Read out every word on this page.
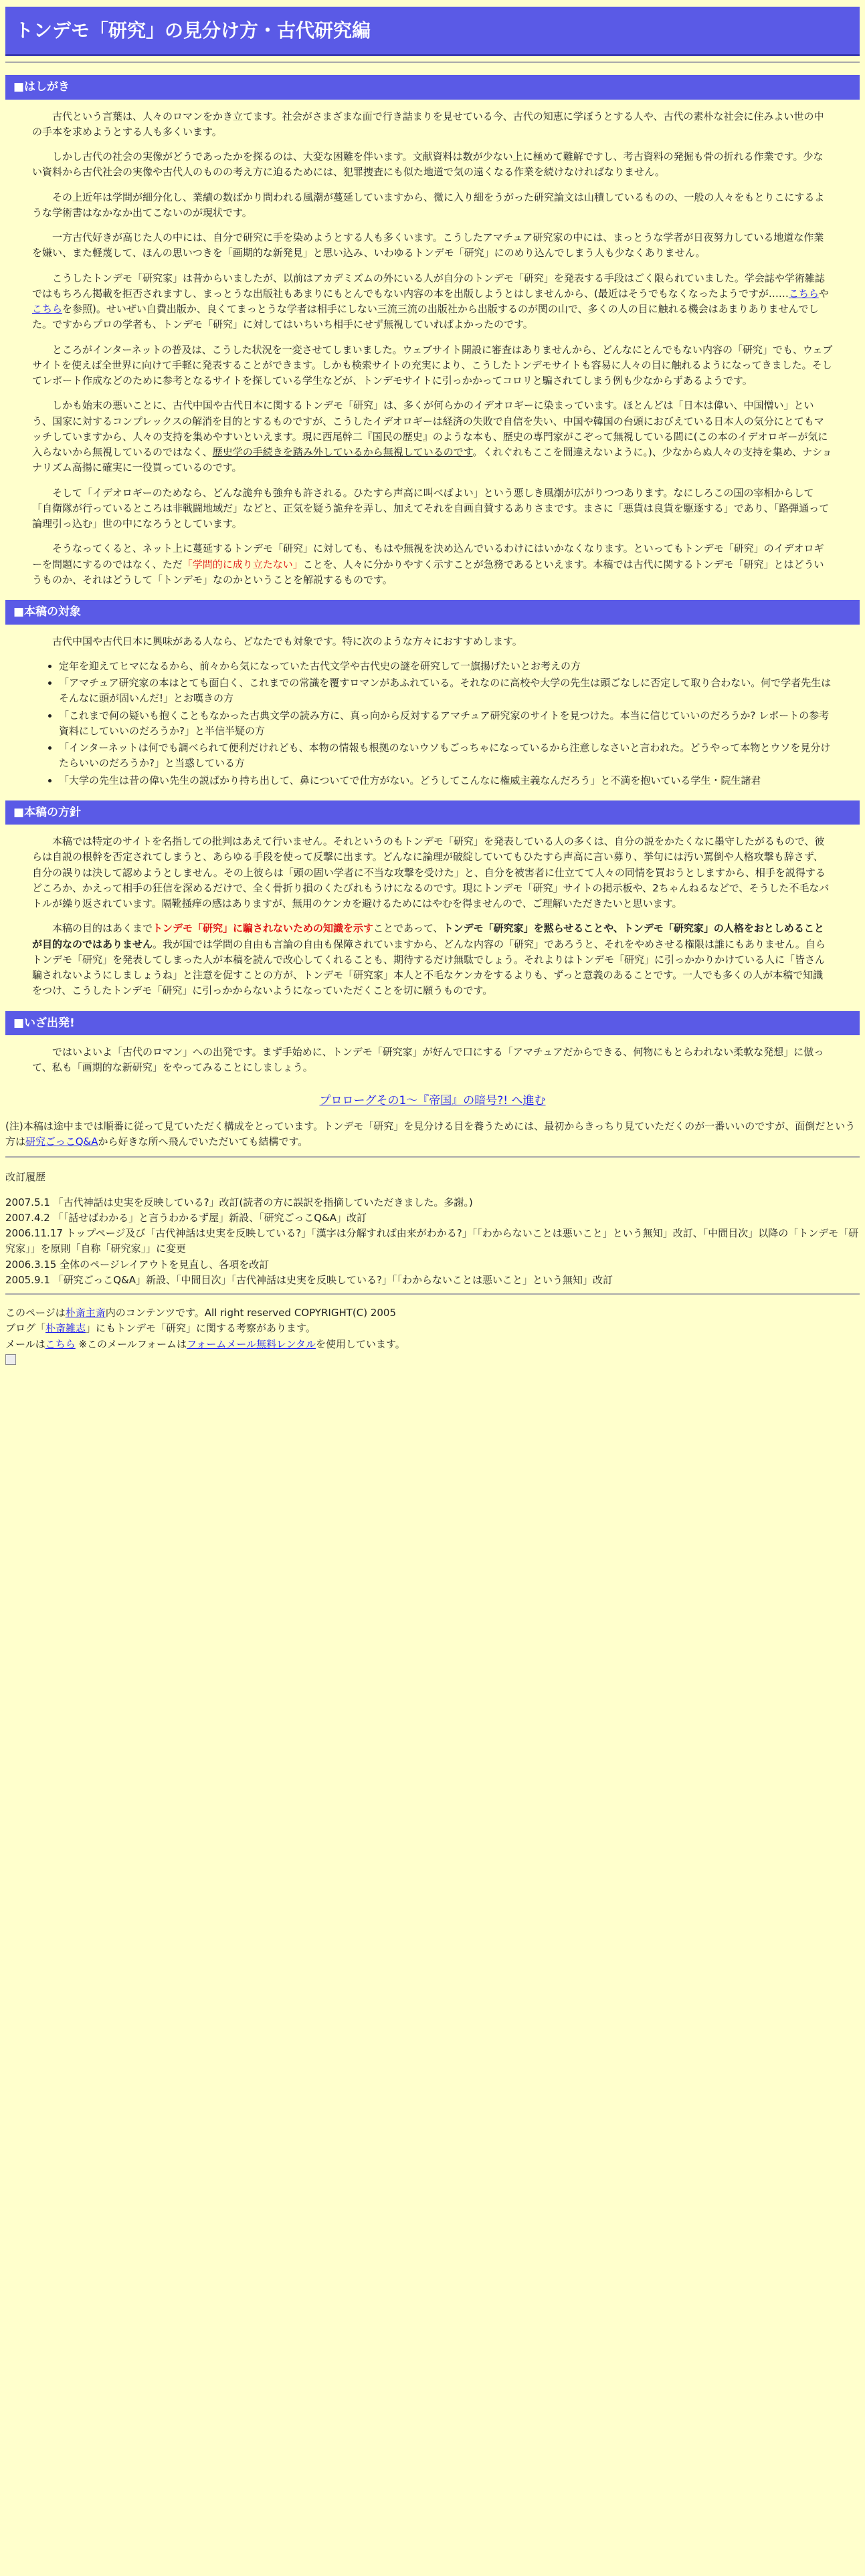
トンデモ「研究」の見分け方・古代研究編
■はしがき

古代という言葉は、人々のロマンをかき立てます。社会がさまざまな面で行き詰まりを見せている今、古代の知恵に学ぼうとする人や、古代の素朴な社会に住みよい世の中の手本を求めようとする人も多くいます。

しかし古代の社会の実像がどうであったかを探るのは、大変な困難を伴います。文献資料は数が少ない上に極めて難解ですし、考古資料の発掘も骨の折れる作業です。少ない資料から古代社会の実像や古代人のものの考え方に迫るためには、犯罪捜査にも似た地道で気の遠くなる作業を続けなければなりません。

その上近年は学問が細分化し、業績の数ばかり問われる風潮が蔓延していますから、微に入り細をうがった研究論文は山積しているものの、一般の人々をもとりこにするような学術書はなかなか出てこないのが現状です。

一方古代好きが高じた人の中には、自分で研究に手を染めようとする人も多くいます。こうしたアマチュア研究家の中には、まっとうな学者が日夜努力している地道な作業を嫌い、また軽蔑して、ほんの思いつきを「画期的な新発見」と思い込み、いわゆるトンデモ「研究」にのめり込んでしまう人も少なくありません。

こうしたトンデモ「研究家」は昔からいましたが、以前はアカデミズムの外にいる人が自分のトンデモ「研究」を発表する手段はごく限られていました。学会誌や学術雑誌ではもちろん掲載を拒否されますし、まっとうな出版社もあまりにもとんでもない内容の本を出版しようとはしませんから、(最近はそうでもなくなったようですが……こちらやこちらを参照)。せいぜい自費出版か、良くてまっとうな学者は相手にしない三流三流の出版社から出版するのが関の山で、多くの人の目に触れる機会はあまりありませんでした。ですからプロの学者も、トンデモ「研究」に対してはいちいち相手にせず無視していればよかったのです。

ところがインターネットの普及は、こうした状況を一変させてしまいました。ウェブサイト開設に審査はありませんから、どんなにとんでもない内容の「研究」でも、ウェブサイトを使えば全世界に向けて手軽に発表することができます。しかも検索サイトの充実により、こうしたトンデモサイトも容易に人々の目に触れるようになってきました。そしてレポート作成などのために参考となるサイトを探している学生などが、トンデモサイトに引っかかってコロリと騙されてしまう例も少なからずあるようです。

しかも始末の悪いことに、古代中国や古代日本に関するトンデモ「研究」は、多くが何らかのイデオロギーに染まっています。ほとんどは「日本は偉い、中国憎い」という、国家に対するコンプレックスの解消を目的とするものですが、こうしたイデオロギーは経済の失敗で自信を失い、中国や韓国の台頭におびえている日本人の気分にとてもマッチしていますから、人々の支持を集めやすいといえます。現に西尾幹二『国民の歴史』のような本も、歴史の専門家がこぞって無視している間に(この本のイデオロギーが気に入らないから無視しているのではなく、歴史学の手続きを踏み外しているから無視しているのです。くれぐれもここを間違えないように。)、少なからぬ人々の支持を集め、ナショナリズム高揚に確実に一役買っているのです。

そして「イデオロギーのためなら、どんな詭弁も強弁も許される。ひたすら声高に叫べばよい」という悪しき風潮が広がりつつあります。なにしろこの国の宰相からして「自衛隊が行っているところは非戦闘地域だ」などと、正気を疑う詭弁を弄し、加えてそれを自画自賛するありさまです。まさに「悪貨は良貨を駆逐する」であり、「路弾通って論理引っ込む」世の中になろうとしています。

そうなってくると、ネット上に蔓延するトンデモ「研究」に対しても、もはや無視を決め込んでいるわけにはいかなくなります。といってもトンデモ「研究」のイデオロギーを問題にするのではなく、ただ「学問的に成り立たない」ことを、人々に分かりやすく示すことが急務であるといえます。本稿では古代に関するトンデモ「研究」とはどういうものか、それはどうして「トンデモ」なのかということを解説するものです。

■本稿の対象

古代中国や古代日本に興味がある人なら、どなたでも対象です。特に次のような方々におすすめします。

• 定年を迎えてヒマになるから、前々から気になっていた古代文学や古代史の謎を研究して一旗揚げたいとお考えの方
• 「アマチュア研究家の本はとても面白く、これまでの常識を覆すロマンがあふれている。それなのに高校や大学の先生は頭ごなしに否定して取り合わない。何で学者先生はそんなに頭が固いんだ!」とお嘆きの方
• 「これまで何の疑いも抱くこともなかった古典文学の読み方に、真っ向から反対するアマチュア研究家のサイトを見つけた。本当に信じていいのだろうか? レポートの参考資料にしていいのだろうか?」と半信半疑の方
• 「インターネットは何でも調べられて便利だけれども、本物の情報も根拠のないウソもごっちゃになっているから注意しなさいと言われた。どうやって本物とウソを見分けたらいいのだろうか?」と当惑している方
• 「大学の先生は昔の偉い先生の説ばかり持ち出して、鼻についてで仕方がない。どうしてこんなに権威主義なんだろう」と不満を抱いている学生・院生諸君
■本稿の方針

本稿では特定のサイトを名指しての批判はあえて行いません。それというのもトンデモ「研究」を発表している人の多くは、自分の説をかたくなに墨守したがるもので、彼らは自説の根幹を否定されてしまうと、あらゆる手段を使って反撃に出ます。どんなに論理が破綻していてもひたすら声高に言い募り、挙句には汚い罵倒や人格攻撃も辞さず、自分の誤りは決して認めようとしません。その上彼らは「頭の固い学者に不当な攻撃を受けた」と、自分を被害者に仕立てて人々の同情を買おうとしますから、相手を説得するどころか、かえって相手の狂信を深めるだけで、全く骨折り損のくたびれもうけになるのです。現にトンデモ「研究」サイトの掲示板や、2ちゃんねるなどで、そうした不毛なバトルが繰り返されています。隔靴掻痒の感はありますが、無用のケンカを避けるためにはやむを得ませんので、ご理解いただきたいと思います。

本稿の目的はあくまでトンデモ「研究」に騙されないための知識を示すことであって、トンデモ「研究家」を黙らせることや、トンデモ「研究家」の人格をおとしめることが目的なのではありません。我が国では学問の自由も言論の自由も保障されていますから、どんな内容の「研究」であろうと、それをやめさせる権限は誰にもありません。自らトンデモ「研究」を発表してしまった人が本稿を読んで改心してくれることも、期待するだけ無駄でしょう。それよりはトンデモ「研究」に引っかかりかけている人に「皆さん騙されないようにしましょうね」と注意を促すことの方が、トンデモ「研究家」本人と不毛なケンカをするよりも、ずっと意義のあることです。一人でも多くの人が本稿で知識をつけ、こうしたトンデモ「研究」に引っかからないようになっていただくことを切に願うものです。

■いざ出発!

ではいよいよ「古代のロマン」への出発です。まず手始めに、トンデモ「研究家」が好んで口にする「アマチュアだからできる、何物にもとらわれない柔軟な発想」に倣って、私も「画期的な新研究」をやってみることにしましょう。

プロローグその1～『帝国』の暗号?! へ進む

(注)本稿は途中までは順番に従って見ていただく構成をとっています。トンデモ「研究」を見分ける目を養うためには、最初からきっちり見ていただくのが一番いいのですが、面倒だという方は研究ごっこQ&Aから好きな所へ飛んでいただいても結構です。

改訂履歴

2007.5.1 「古代神話は史実を反映している?」改訂(読者の方に誤訳を指摘していただきました。多謝。)

2007.4.2 「「話せばわかる」と言うわかるず屋」新設、「研究ごっこQ&A」改訂

2006.11.17 トップページ及び「古代神話は史実を反映している?」「漢字は分解すれば由来がわかる?」「「わからないことは悪いこと」という無知」改訂、「中間目次」以降の「トンデモ「研究家」」を原則「自称「研究家」」に変更

2006.3.15 全体のページレイアウトを見直し、各項を改訂

2005.9.1 「研究ごっこQ&A」新設、「中間目次」「古代神話は史実を反映している?」「「わからないことは悪いこと」という無知」改訂

このページは朴斎主斎内のコンテンツです。All right reserved COPYRIGHT(C) 2005

ブログ「朴斎雑志」にもトンデモ「研究」に関する考察があります。

メールはこちら ※このメールフォームはフォームメール無料レンタルを使用しています。
